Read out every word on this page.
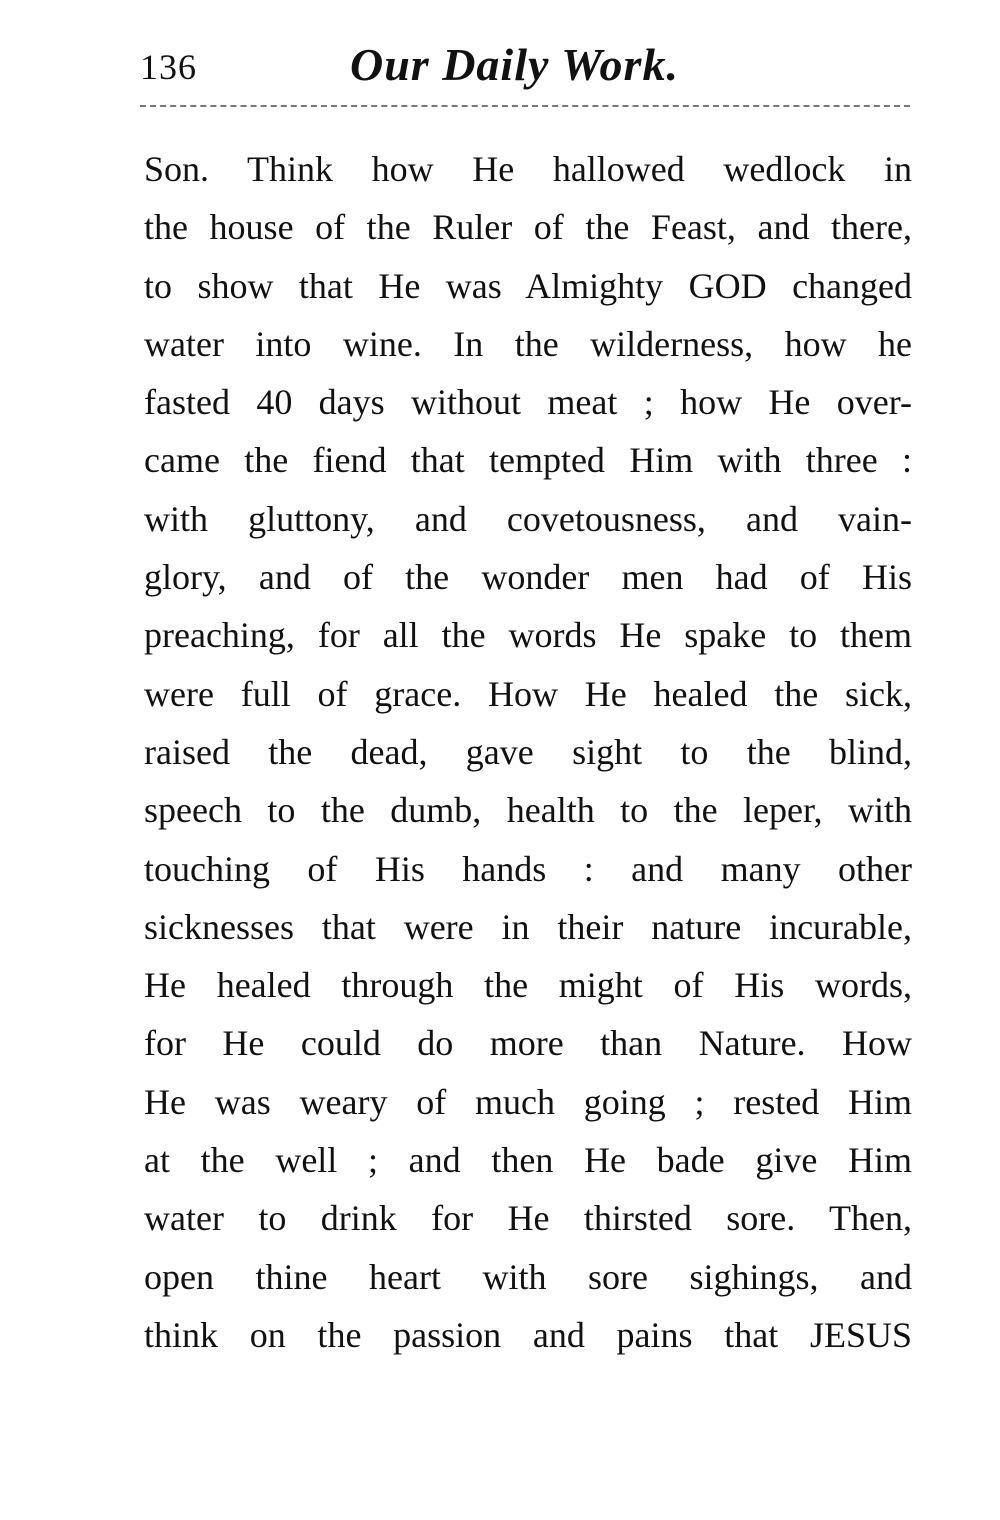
136	Our Daily Work.
Son. Think how He hallowed wedlock in
the house of the Ruler of the Feast, and there,
to show that He was Almighty GOD changed
water into wine. In the wilderness, how he
fasted 40 days without meat ; how He over-
came the fiend that tempted Him with three :
with gluttony, and covetousness, and vain-
glory, and of the wonder men had of His
preaching, for all the words He spake to them
were full of grace. How He healed the sick,
raised the dead, gave sight to the blind,
speech to the dumb, health to the leper, with
touching of His hands : and many other
sicknesses that were in their nature incurable,
He healed through the might of His words,
for He could do more than Nature. How
He was weary of much going ; rested Him
at the well ; and then He bade give Him
water to drink for He thirsted sore. Then,
open thine heart with sore sighings, and
think on the passion and pains that JESUS
